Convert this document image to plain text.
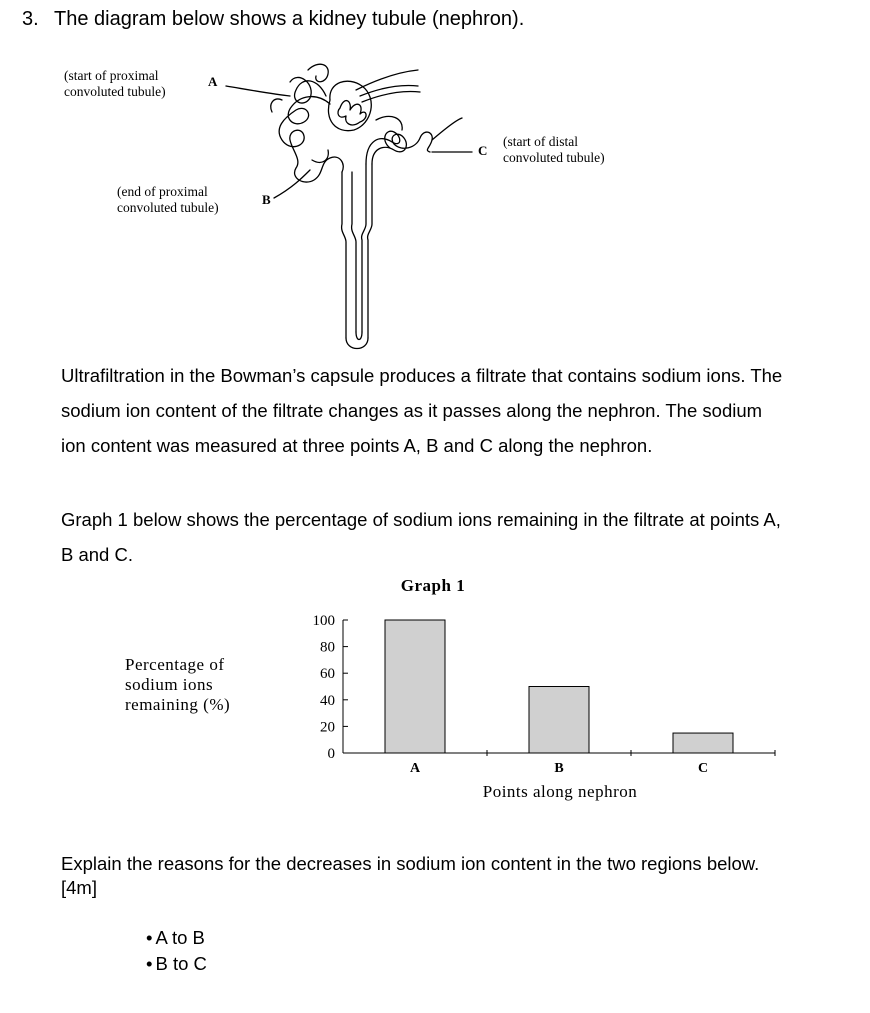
3. The diagram below shows a kidney tubule (nephron).
(start of proximal
convoluted tubule)
A
(end of proximal
convoluted tubule)
B
C
(start of distal
convoluted tubule)
Ultrafiltration in the Bowman’s capsule produces a filtrate that contains sodium ions. The
sodium ion content of the filtrate changes as it passes along the nephron. The sodium
ion content was measured at three points A, B and C along the nephron.
Graph 1 below shows the percentage of sodium ions remaining in the filtrate at points A,
B and C.
Graph 1
Percentage of
sodium ions
remaining (%)
0
20
40
60
80
100
A	B	C
Points along nephron
Explain the reasons for the decreases in sodium ion content in the two regions below.
[4m]
• A to B
• B to C
